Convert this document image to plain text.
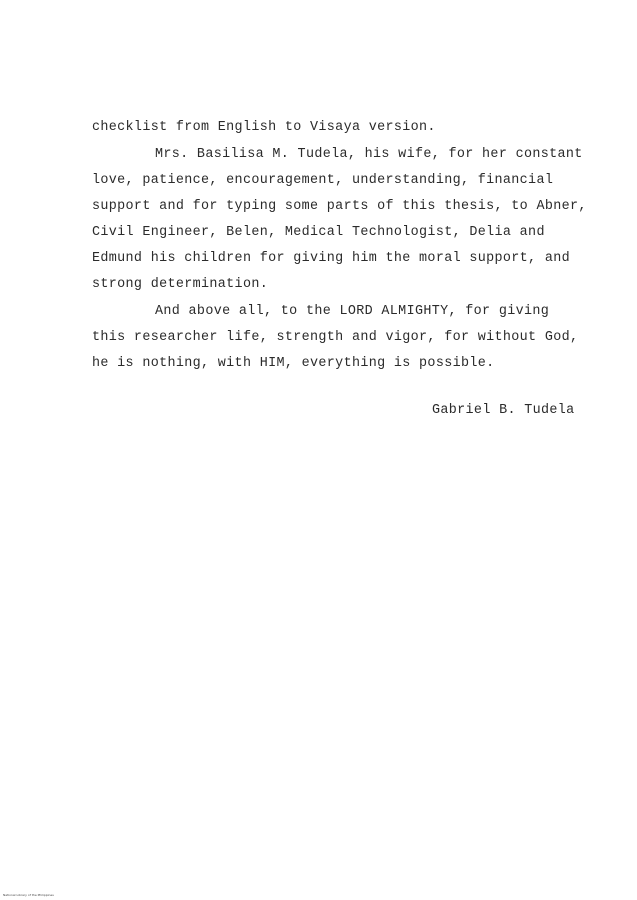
checklist from English to Visaya version.
Mrs. Basilisa M. Tudela, his wife, for her constant
love, patience, encouragement, understanding, financial
support and for typing some parts of this thesis, to Abner,
Civil Engineer, Belen, Medical Technologist, Delia and
Edmund his children for giving him the moral support, and
strong determination.
And above all, to the LORD ALMIGHTY, for giving
this researcher life, strength and vigor, for without God,
he is nothing, with HIM, everything is possible.
Gabriel B. Tudela
National Library of the Philippines
